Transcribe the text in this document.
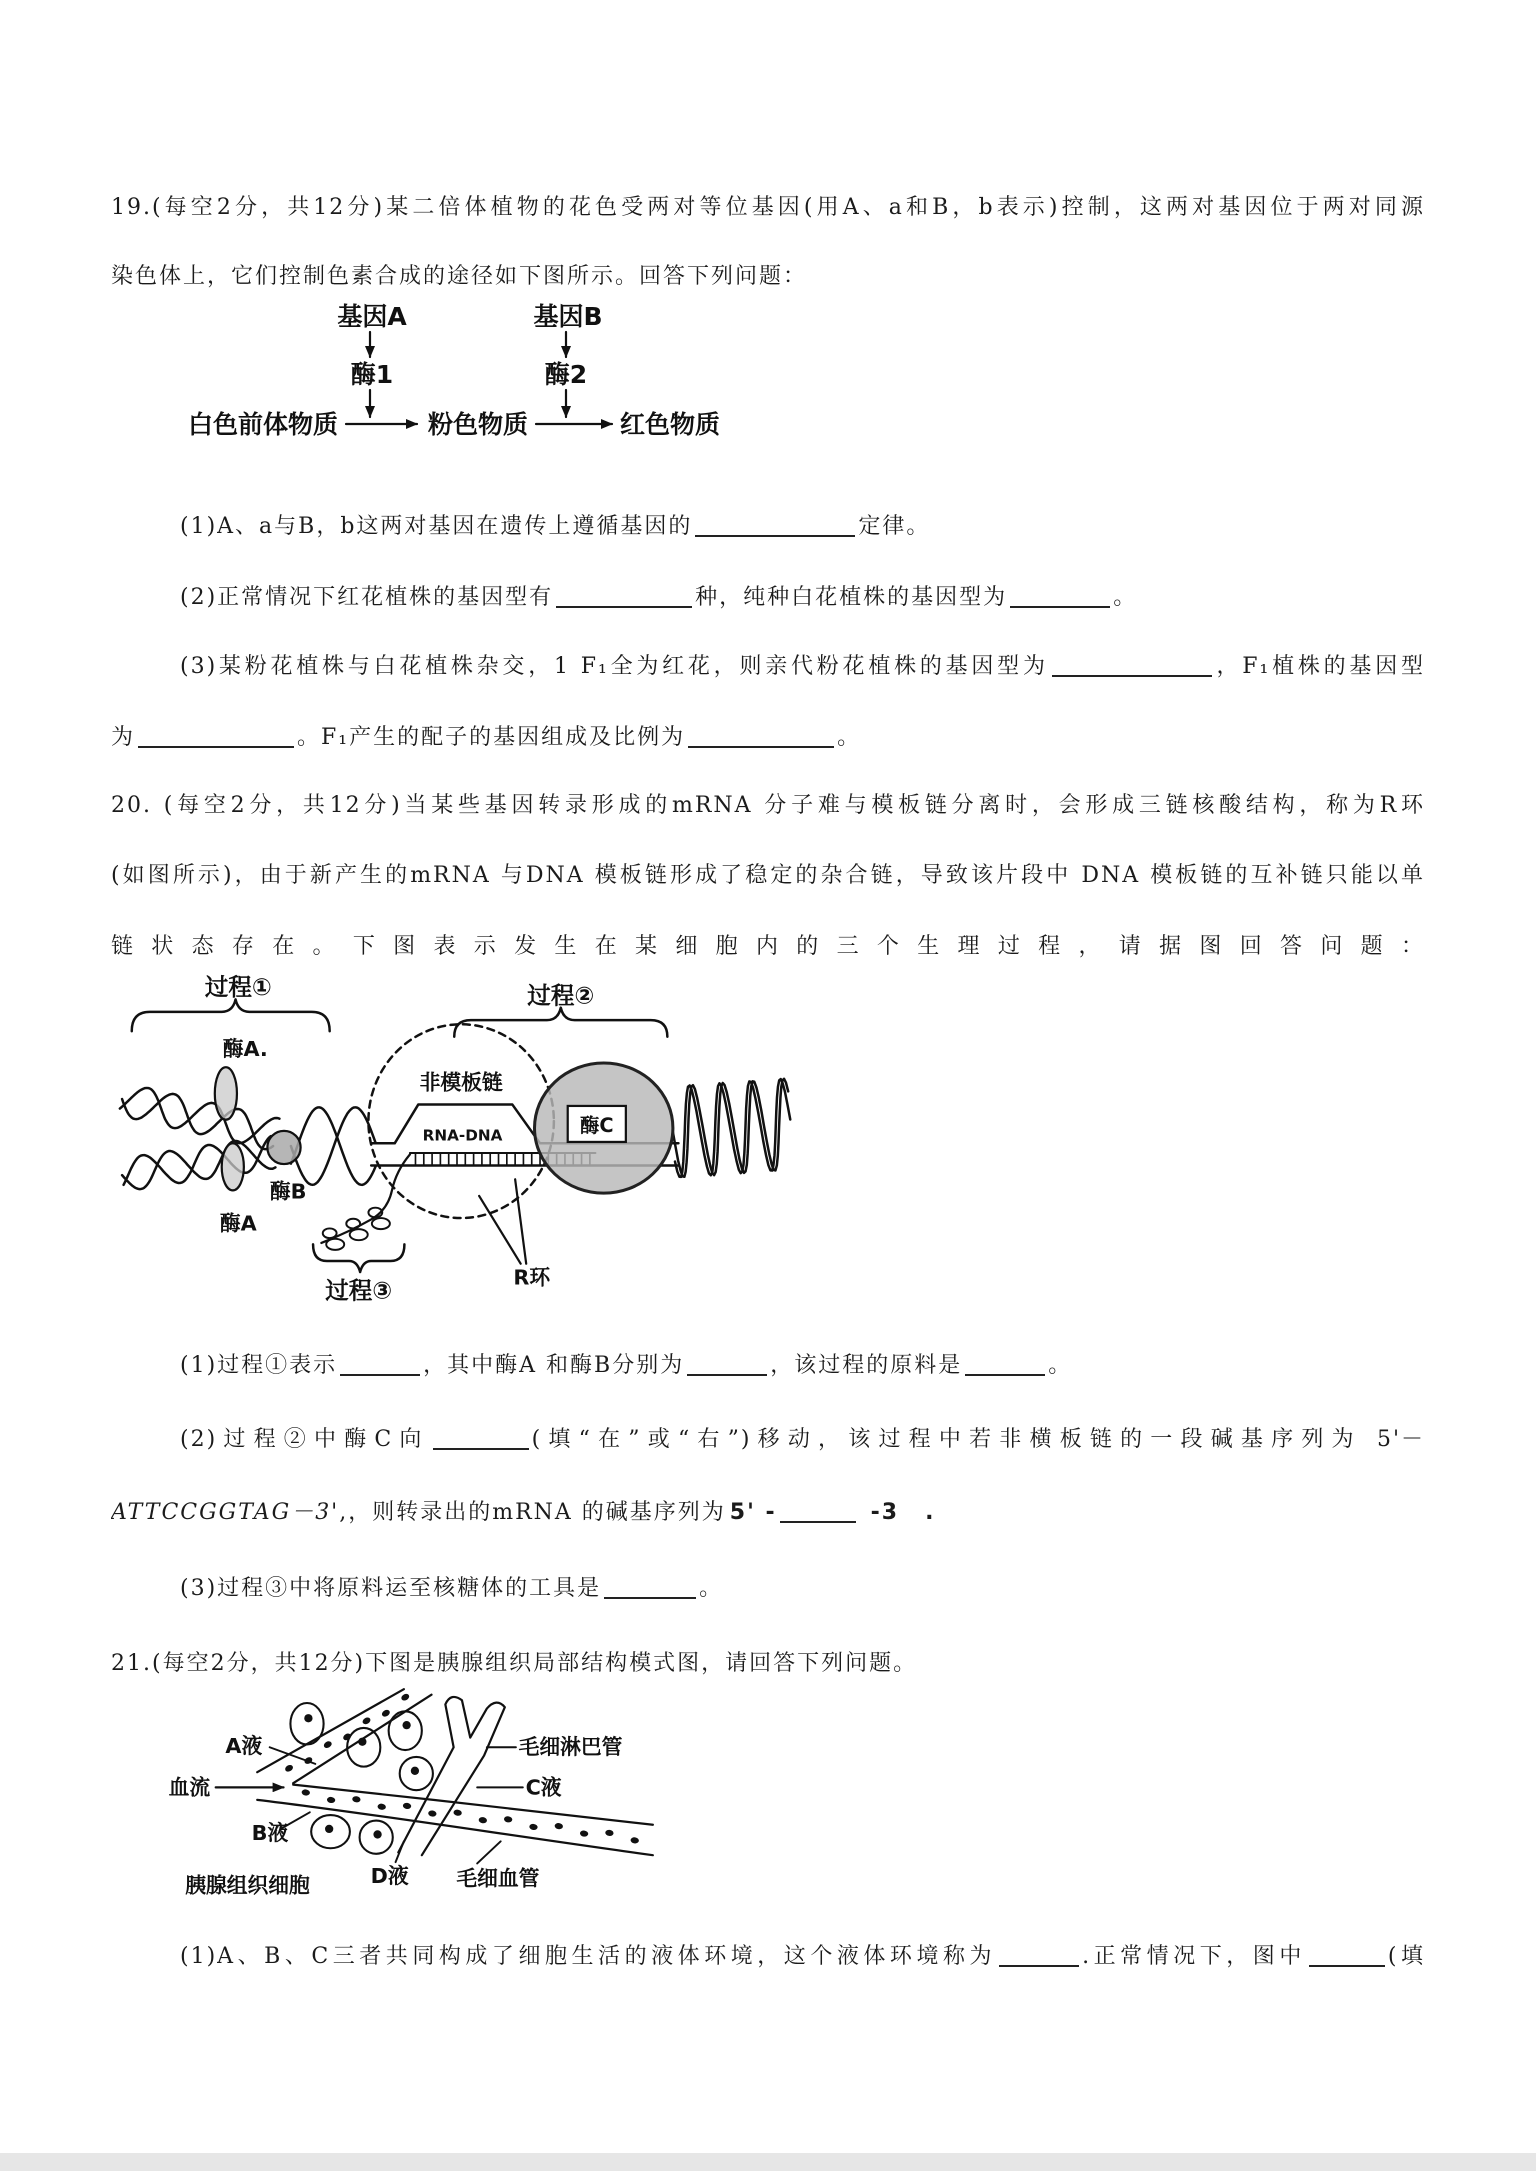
19.(每空2分，共12分)某二倍体植物的花色受两对等位基因(用A、a和B，b表示)控制，这两对基因位于两对同源
染色体上，它们控制色素合成的途径如下图所示。回答下列问题：
基因A
酶1
白色前体物质	粉色物质
基因B
酶2
红色物质
(1)A、a与B，b这两对基因在遗传上遵循基因的	定律。
(2)正常情况下红花植株的基因型有	种，纯种白花植株的基因型为	。
(3)某粉花植株与白花植株杂交，1 F₁全为红花，则亲代粉花植株的基因型为	，F₁植株的基因型
为	。F₁产生的配子的基因组成及比例为	。
20. (每空2分，共12分)当某些基因转录形成的mRNA 分子难与模板链分离时，会形成三链核酸结构，称为R环
(如图所示)，由于新产生的mRNA 与DNA 模板链形成了稳定的杂合链，导致该片段中 DNA 模板链的互补链只能以单
链状态存在。下图表示发生在某细胞内的三个生理过程，请据图回答问题：
过程①	过程②
过程③
非模板链
RNA-DNA
酶A.
酶A
酶B
酶C
R环
(1)过程①表示	，其中酶A 和酶B分别为	，该过程的原料是	。
(2)过程②中酶C向	(填“在”或“右”)移动，该过程中若非横板链的一段碱基序列为 5'－
ATTCCGGTAG－3',，则转录出的mRNA 的碱基序列为 5' -	-3 .
(3)过程③中将原料运至核糖体的工具是	。
21.(每空2分，共12分)下图是胰腺组织局部结构模式图，请回答下列问题。
A液	毛细淋巴管
血流	C液
B液
胰腺组织细胞	D液	毛细血管
(1)A、B、C三者共同构成了细胞生活的液体环境，这个液体环境称为	.正常情况下，图中	(填
